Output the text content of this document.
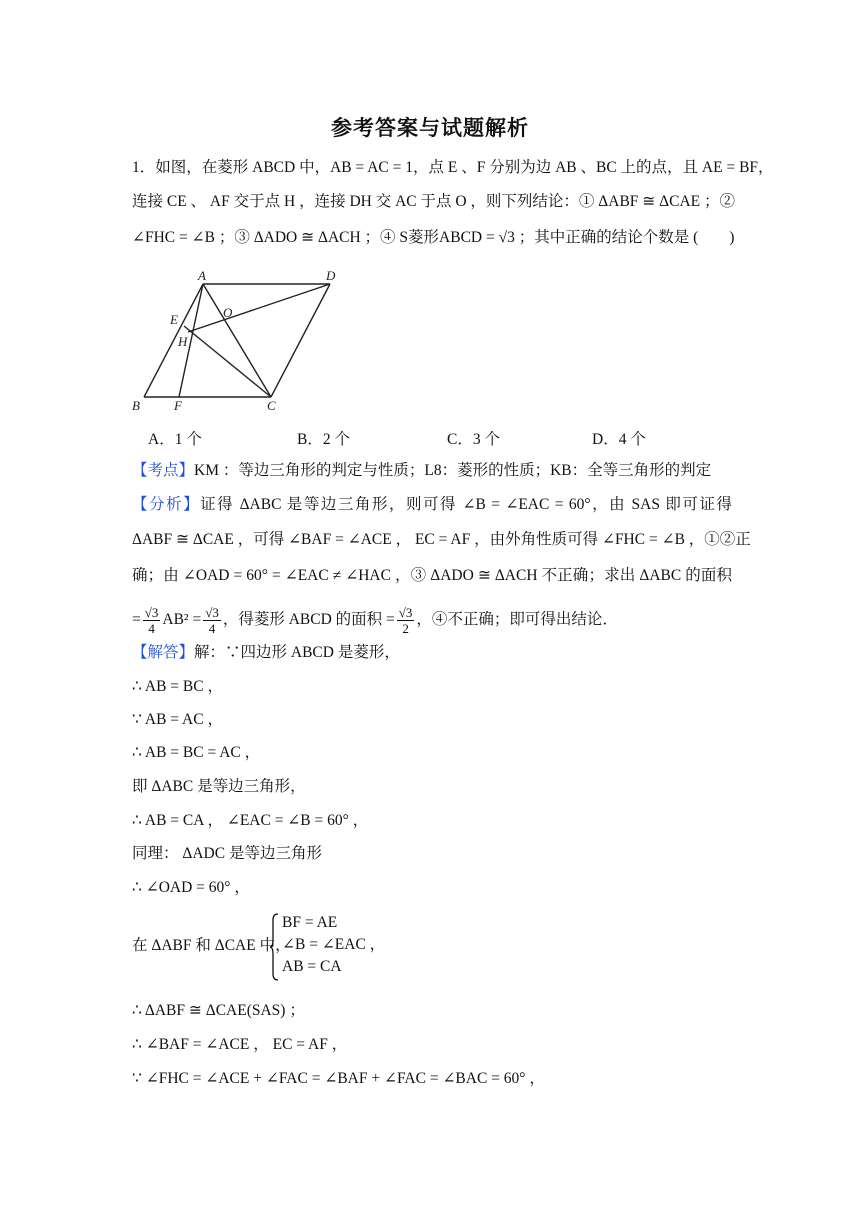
参考答案与试题解析
1．如图，在菱形 ABCD 中，AB = AC = 1，点 E 、F 分别为边 AB 、BC 上的点，且 AE = BF，
连接 CE 、 AF 交于点 H ，连接 DH 交 AC 于点 O ，则下列结论：① ΔABF ≅ ΔCAE ；②
∠FHC = ∠B ；③ ΔADO ≅ ΔACH ；④ S菱形ABCD = √3 ；其中正确的结论个数是 (　　)
A	D
B	F	C
E
H
O
A．1 个	B．2 个	C．3 个	D．4 个
【考点】KM ：等边三角形的判定与性质；L8：菱形的性质；KB：全等三角形的判定
【分析】证得 ΔABC 是等边三角形，则可得 ∠B = ∠EAC = 60°，由 SAS 即可证得
ΔABF ≅ ΔCAE ，可得 ∠BAF = ∠ACE ， EC = AF ，由外角性质可得 ∠FHC = ∠B ，①②正
确；由 ∠OAD = 60° = ∠EAC ≠ ∠HAC ，③ ΔADO ≅ ΔACH 不正确；求出 ΔABC 的面积
= $\frac{√3}{4} AB^2 = \frac{√3}{4}$ ，得菱形 ABCD 的面积 = $\frac{√3}{2}$ ，④不正确；即可得出结论．
【解答】解：∵四边形 ABCD 是菱形，
∴ AB = BC ，
∵ AB = AC ，
∴ AB = BC = AC ，
即 ΔABC 是等边三角形，
∴ AB = CA ， ∠EAC = ∠B = 60° ，
同理： ΔADC 是等边三角形
∴ ∠OAD = 60° ，
在 ΔABF 和 ΔCAE 中，
BF = AE
∠B = ∠EAC ，
AB = CA
∴ ΔABF ≅ ΔCAE(SAS) ；
∴ ∠BAF = ∠ACE ， EC = AF ，
∵ ∠FHC = ∠ACE + ∠FAC = ∠BAF + ∠FAC = ∠BAC = 60° ，
